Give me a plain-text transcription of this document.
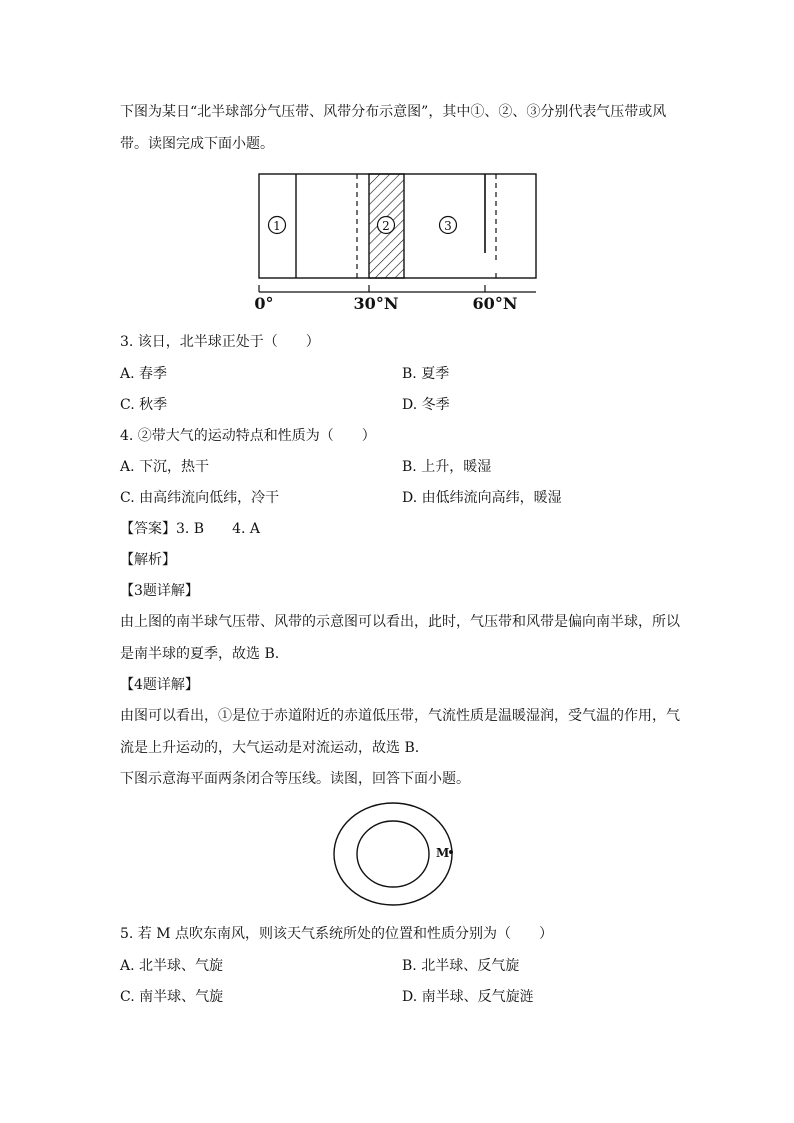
下图为某日“北半球部分气压带、风带分布示意图”，其中①、②、③分别代表气压带或风
带。读图完成下面小题。
1	2	3
0°	30°N	60°N
3. 该日，北半球正处于（　　）
A. 春季	B. 夏季
C. 秋季	D. 冬季
4. ②带大气的运动特点和性质为（　　）
A. 下沉，热干	B. 上升，暖湿
C. 由高纬流向低纬，冷干	D. 由低纬流向高纬，暖湿
【答案】3. B　　4. A
【解析】
【3题详解】
由上图的南半球气压带、风带的示意图可以看出，此时，气压带和风带是偏向南半球，所以
是南半球的夏季，故选 B.
【4题详解】
由图可以看出，①是位于赤道附近的赤道低压带，气流性质是温暖湿润，受气温的作用，气
流是上升运动的，大气运动是对流运动，故选 B.
下图示意海平面两条闭合等压线。读图，回答下面小题。
M
5. 若 M 点吹东南风，则该天气系统所处的位置和性质分别为（　　）
A. 北半球、气旋	B. 北半球、反气旋
C. 南半球、气旋	D. 南半球、反气旋涟
